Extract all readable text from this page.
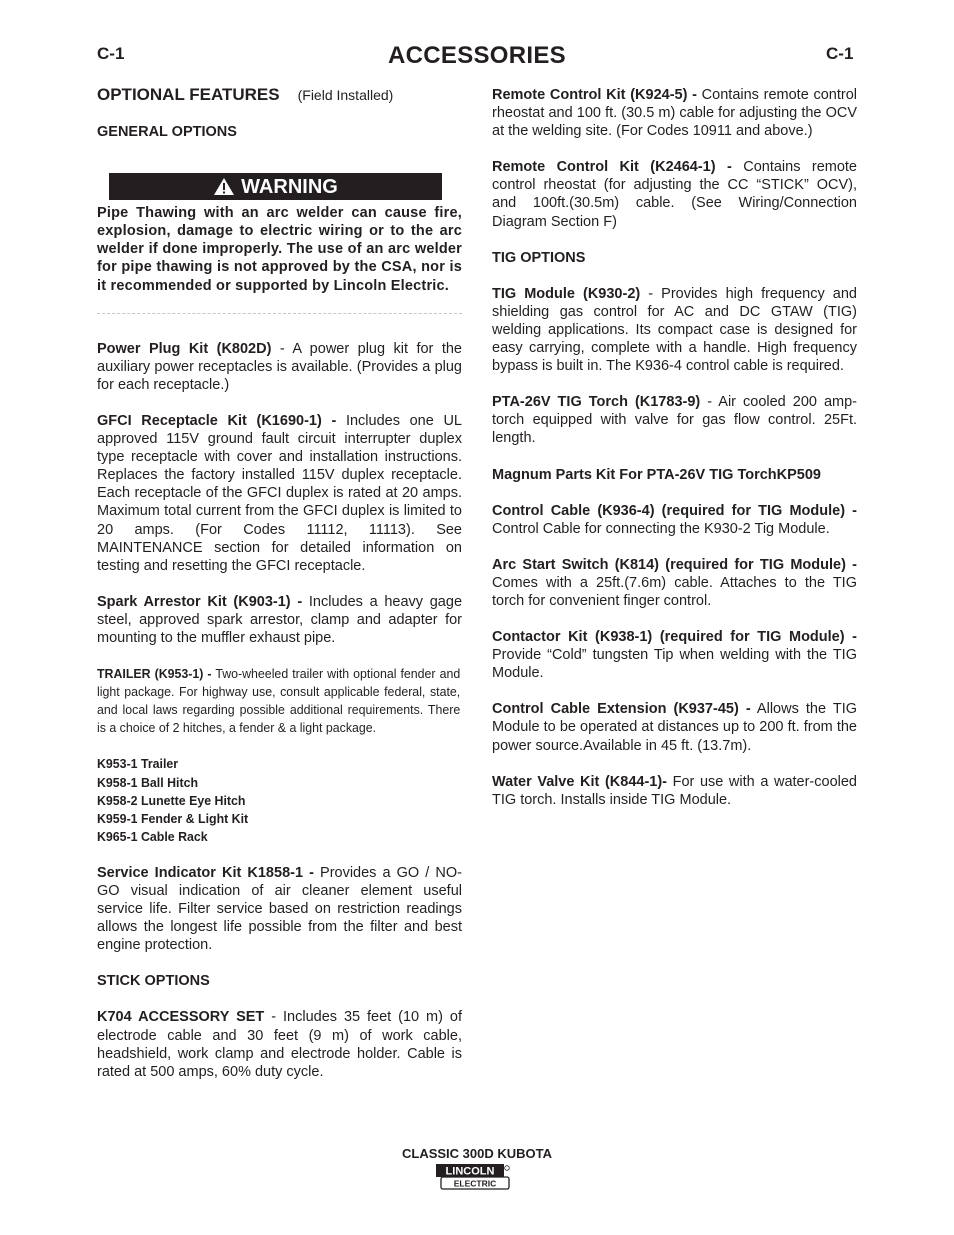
C-1	ACCESSORIES	C-1
OPTIONAL FEATURES (Field Installed)
GENERAL OPTIONS
WARNING

Pipe Thawing with an arc welder can cause fire, explosion, damage to electric wiring or to the arc welder if done improperly. The use of an arc welder for pipe thawing is not approved by the CSA, nor is it recommended or supported by Lincoln Electric.

Power Plug Kit (K802D) - A power plug kit for the auxiliary power receptacles is available. (Provides a plug for each receptacle.)

GFCI Receptacle Kit (K1690-1) - Includes one UL approved 115V ground fault circuit interrupter duplex type receptacle with cover and installation instructions. Replaces the factory installed 115V duplex receptacle. Each receptacle of the GFCI duplex is rated at 20 amps. Maximum total current from the GFCI duplex is limited to 20 amps. (For Codes 11112, 11113). See MAINTENANCE section for detailed information on testing and resetting the GFCI receptacle.

Spark Arrestor Kit (K903-1) - Includes a heavy gage steel, approved spark arrestor, clamp and adapter for mounting to the muffler exhaust pipe.

TRAILER (K953-1) - Two-wheeled trailer with optional fender and light package. For highway use, consult applicable federal, state, and local laws regarding possible additional requirements. There is a choice of 2 hitches, a fender & a light package.

K953-1 Trailer
K958-1 Ball Hitch
K958-2 Lunette Eye Hitch
K959-1 Fender & Light Kit
K965-1 Cable Rack

Service Indicator Kit K1858-1 - Provides a GO / NO-GO visual indication of air cleaner element useful service life. Filter service based on restriction readings allows the longest life possible from the filter and best engine protection.

STICK OPTIONS

K704 ACCESSORY SET - Includes 35 feet (10 m) of electrode cable and 30 feet (9 m) of work cable, headshield, work clamp and electrode holder. Cable is rated at 500 amps, 60% duty cycle.

Remote Control Kit (K924-5) - Contains remote control rheostat and 100 ft. (30.5 m) cable for adjusting the OCV at the welding site. (For Codes 10911 and above.)

Remote Control Kit (K2464-1) - Contains remote control rheostat (for adjusting the CC “STICK” OCV), and 100ft.(30.5m) cable. (See Wiring/Connection Diagram Section F)

TIG OPTIONS

TIG Module (K930-2) - Provides high frequency and shielding gas control for AC and DC GTAW (TIG) welding applications. Its compact case is designed for easy carrying, complete with a handle. High frequency bypass is built in. The K936-4 control cable is required.

PTA-26V TIG Torch (K1783-9) - Air cooled 200 amp-torch equipped with valve for gas flow control. 25Ft. length.

Magnum Parts Kit For PTA-26V TIG TorchKP509

Control Cable (K936-4) (required for TIG Module) - Control Cable for connecting the K930-2 Tig Module.

Arc Start Switch (K814) (required for TIG Module) - Comes with a 25ft.(7.6m) cable. Attaches to the TIG torch for convenient finger control.

Contactor Kit (K938-1) (required for TIG Module) - Provide “Cold” tungsten Tip when welding with the TIG Module.

Control Cable Extension (K937-45) - Allows the TIG Module to be operated at distances up to 200 ft. from the power source.Available in 45 ft. (13.7m).

Water Valve Kit (K844-1)- For use with a water-cooled TIG torch. Installs inside TIG Module.

CLASSIC 300D KUBOTA
LINCOLN
ELECTRIC
